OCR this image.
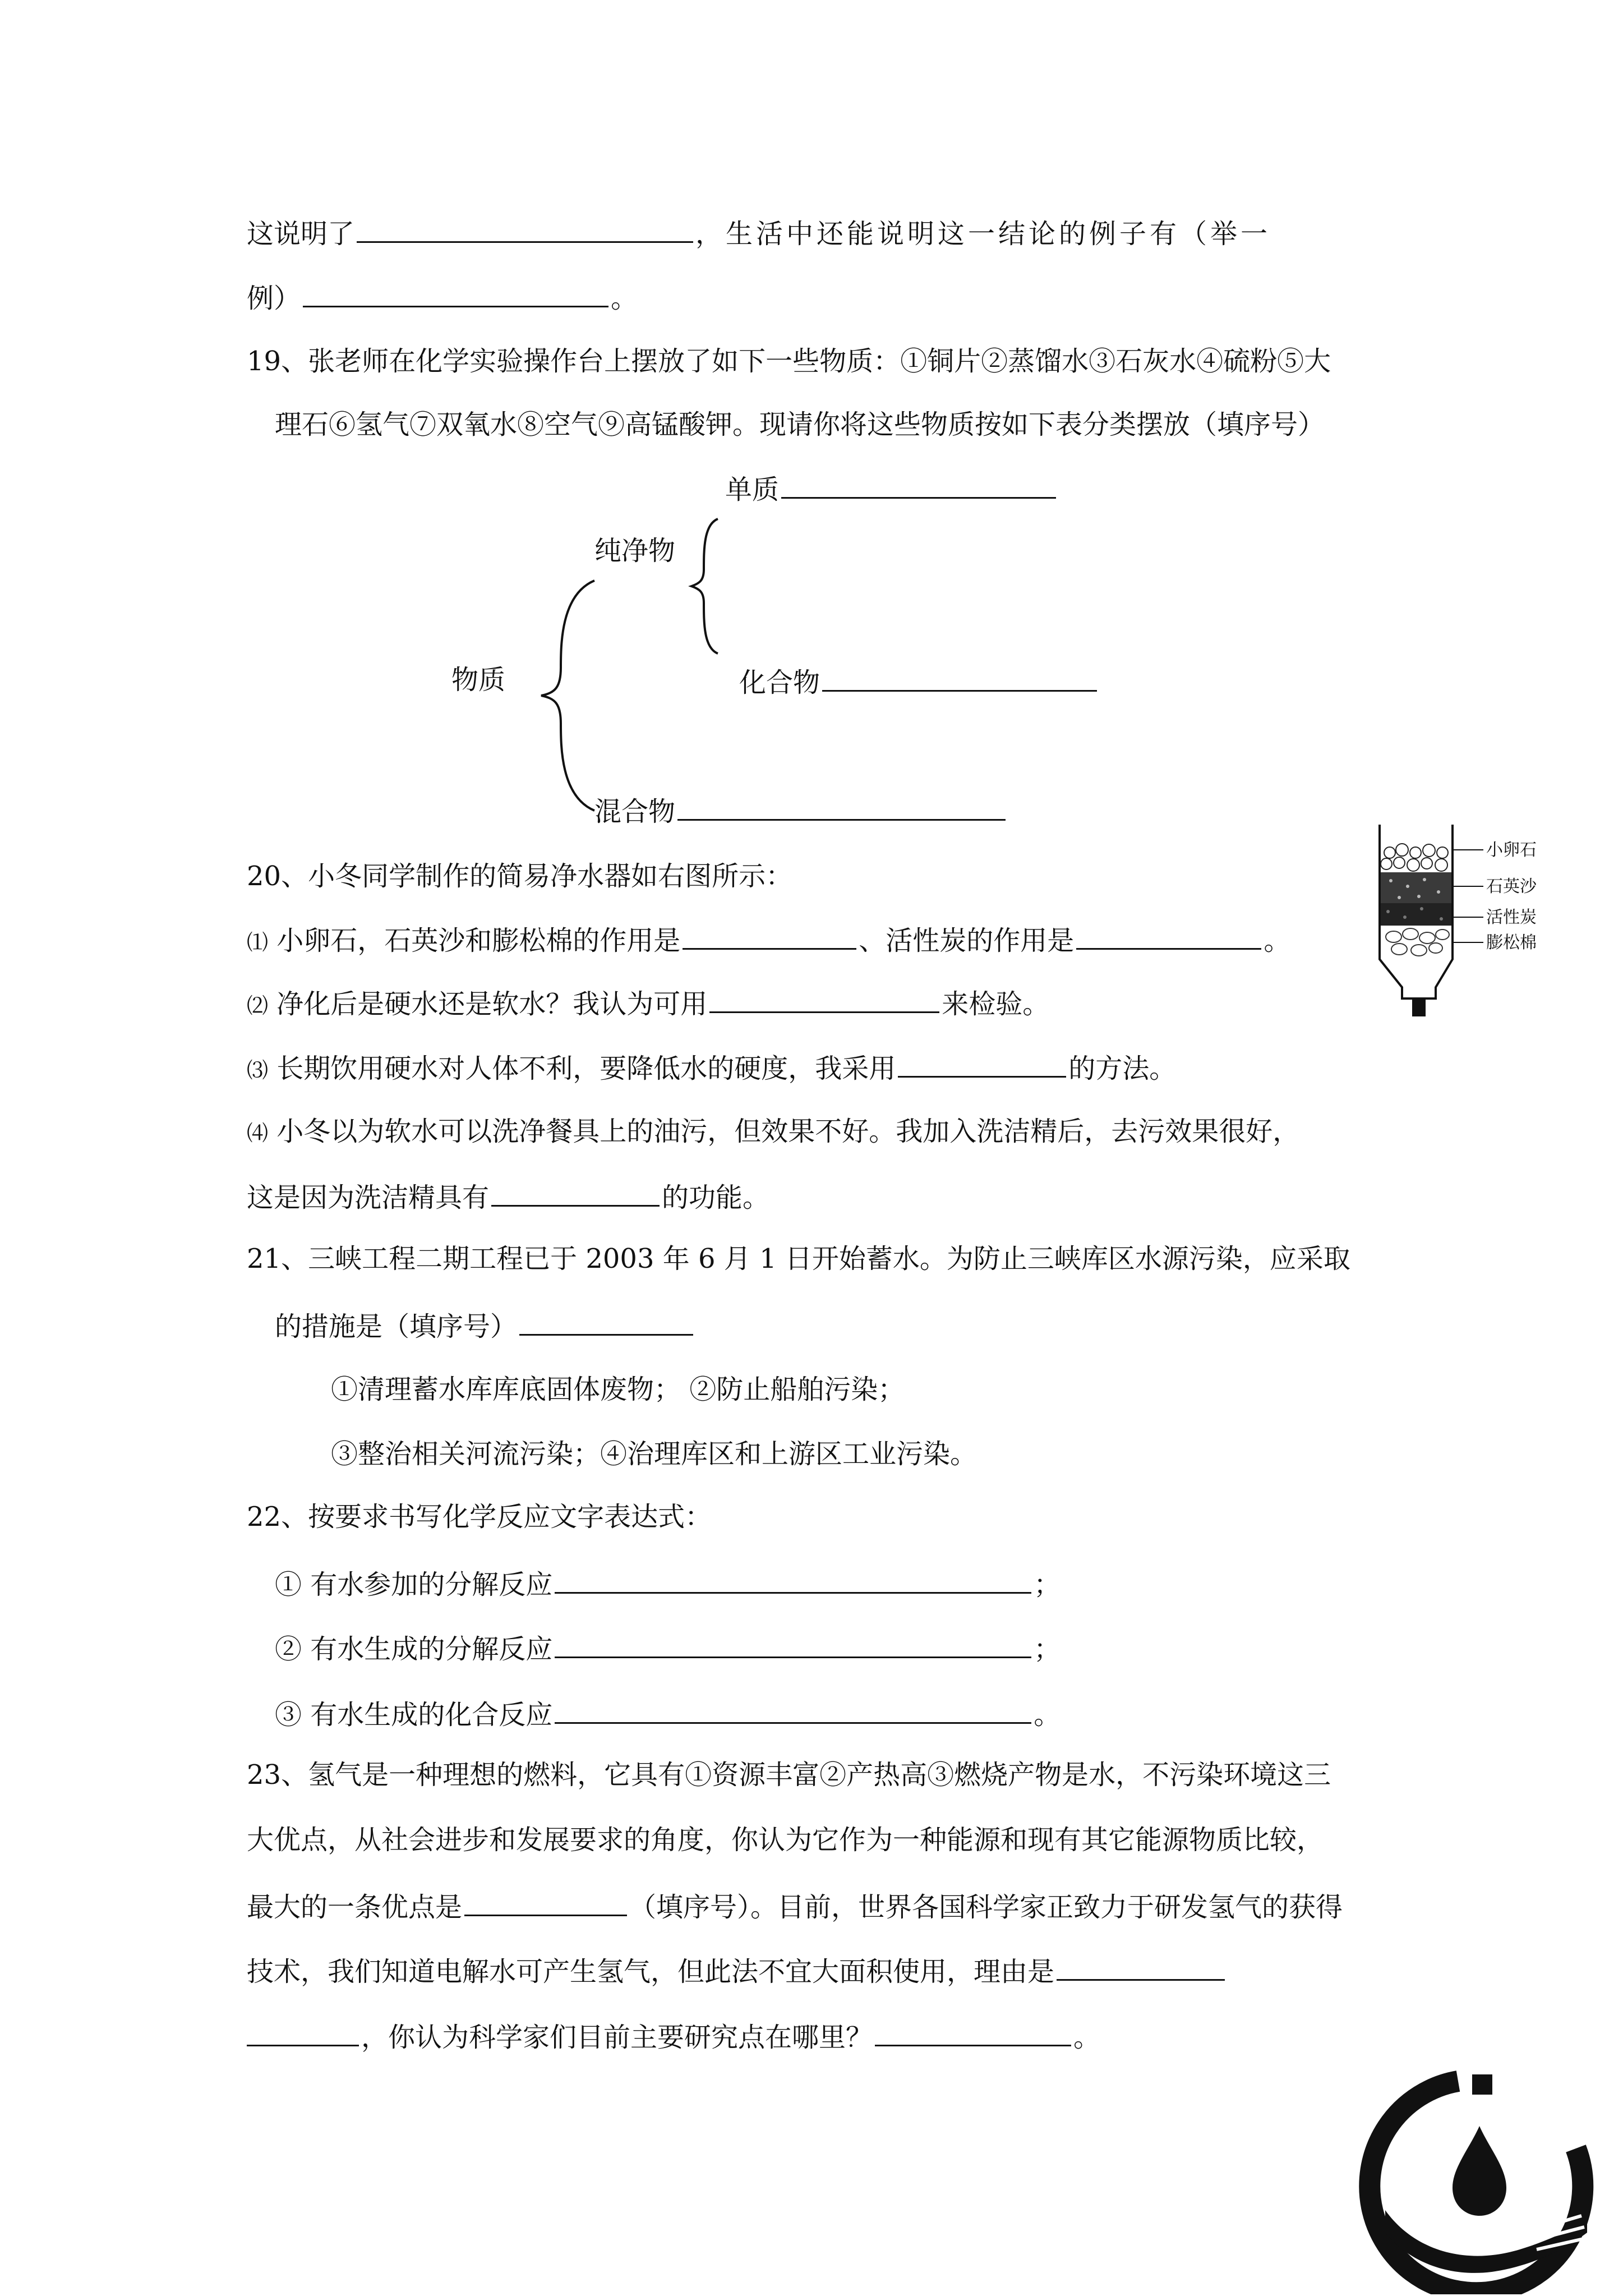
这说明了	，生活中还能说明这一结论的例子有（举一
例）	。
19、张老师在化学实验操作台上摆放了如下一些物质：①铜片②蒸馏水③石灰水④硫粉⑤大
理石⑥氢气⑦双氧水⑧空气⑨高锰酸钾。现请你将这些物质按如下表分类摆放（填序号）
单质
纯净物
物质	化合物
混合物
20、小冬同学制作的简易净水器如右图所示：
⑴ 小卵石，石英沙和膨松棉的作用是	、活性炭的作用是	。
⑵ 净化后是硬水还是软水？我认为可用	来检验。
⑶ 长期饮用硬水对人体不利，要降低水的硬度，我采用	的方法。
⑷ 小冬以为软水可以洗净餐具上的油污，但效果不好。我加入洗洁精后，去污效果很好，
这是因为洗洁精具有	的功能。
小卵石
石英沙
活性炭
膨松棉
21、三峡工程二期工程已于 2003 年 6 月 1 日开始蓄水。为防止三峡库区水源污染，应采取
的措施是（填序号）
①清理蓄水库库底固体废物； ②防止船舶污染；
③整治相关河流污染；④治理库区和上游区工业污染。
22、按要求书写化学反应文字表达式：
① 有水参加的分解反应	；
② 有水生成的分解反应	；
③ 有水生成的化合反应	。
23、氢气是一种理想的燃料，它具有①资源丰富②产热高③燃烧产物是水，不污染环境这三
大优点，从社会进步和发展要求的角度，你认为它作为一种能源和现有其它能源物质比较，
最大的一条优点是	（填序号）。目前，世界各国科学家正致力于研发氢气的获得
技术，我们知道电解水可产生氢气，但此法不宜大面积使用，理由是
，你认为科学家们目前主要研究点在哪里？	。
